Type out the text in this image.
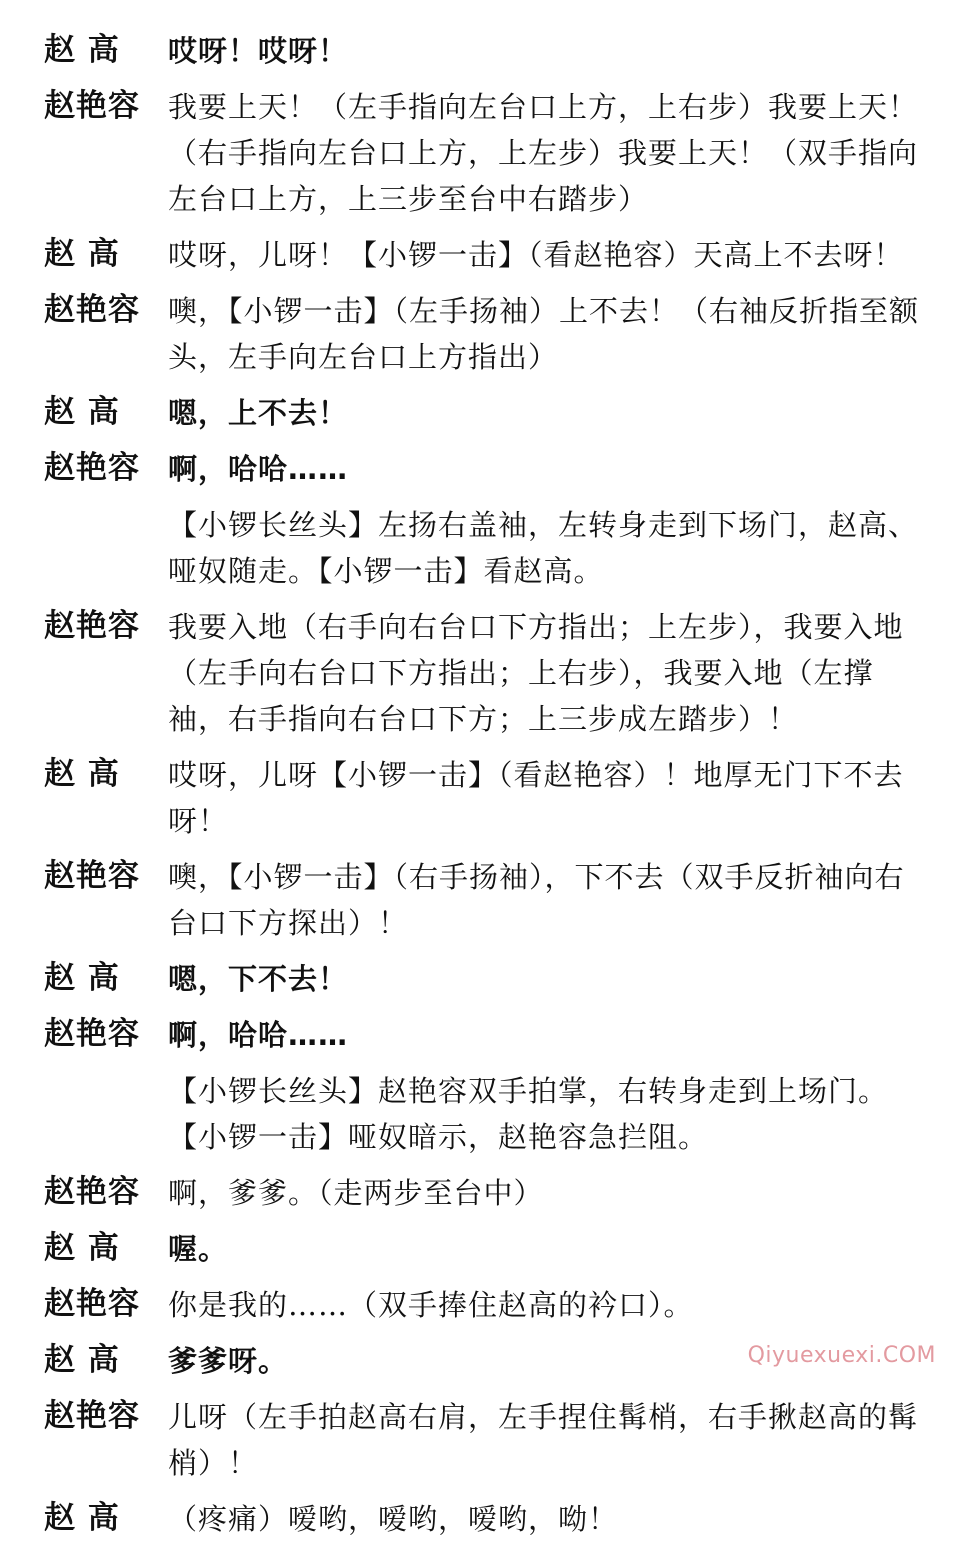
赵 高	哎呀！哎呀！
赵艳容 我要上天！（左手指向左台口上方，上右步）我要上天！（右手指向左台口上方，上左步）我要上天！（双手指向左台口上方，上三步至台中右踏步）
赵 高	哎呀，儿呀！【小锣一击】（看赵艳容）天高上不去呀！
赵艳容 噢，【小锣一击】（左手扬袖）上不去！（右袖反折指至额头，左手向左台口上方指出）
赵 高	嗯，上不去！
赵艳容 啊，哈哈……
【小锣长丝头】左扬右盖袖，左转身走到下场门，赵高、哑奴随走。【小锣一击】看赵高。
赵艳容 我要入地（右手向右台口下方指出；上左步），我要入地（左手向右台口下方指出；上右步），我要入地（左撑袖，右手指向右台口下方；上三步成左踏步）！
赵 高	哎呀，儿呀【小锣一击】（看赵艳容）！地厚无门下不去呀！
赵艳容 噢，【小锣一击】（右手扬袖），下不去（双手反折袖向右台口下方探出）！
赵 高	嗯，下不去！
赵艳容 啊，哈哈……
【小锣长丝头】赵艳容双手拍掌，右转身走到上场门。【小锣一击】哑奴暗示，赵艳容急拦阻。
赵艳容 啊，爹爹。（走两步至台中）
赵 高	喔。
赵艳容 你是我的……（双手捧住赵高的衿口）。
赵 高	爹爹呀。
赵艳容 儿呀（左手拍赵高右肩，左手捏住髯梢，右手揪赵高的髯梢）！
赵 高	（疼痛）嗳哟，嗳哟，嗳哟，呦！
Qiyuexuexi.COM
